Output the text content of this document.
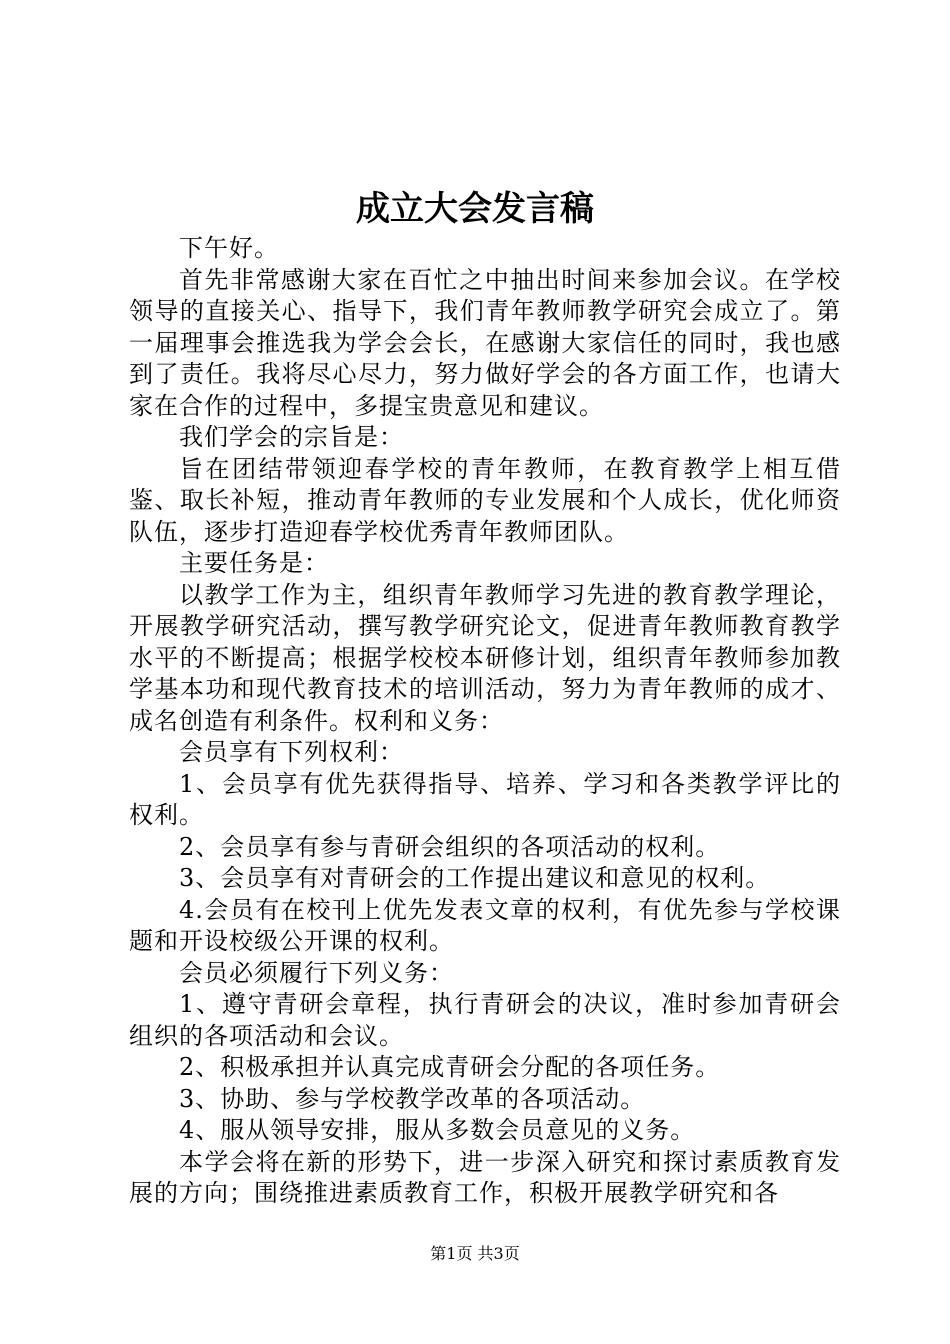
成立大会发言稿

下午好。

首先非常感谢大家在百忙之中抽出时间来参加会议。在学校领导的直接关心、指导下，我们青年教师教学研究会成立了。第一届理事会推选我为学会会长，在感谢大家信任的同时，我也感到了责任。我将尽心尽力，努力做好学会的各方面工作，也请大家在合作的过程中，多提宝贵意见和建议。

我们学会的宗旨是：

旨在团结带领迎春学校的青年教师，在教育教学上相互借鉴、取长补短，推动青年教师的专业发展和个人成长，优化师资队伍，逐步打造迎春学校优秀青年教师团队。

主要任务是：

以教学工作为主，组织青年教师学习先进的教育教学理论，开展教学研究活动，撰写教学研究论文，促进青年教师教育教学水平的不断提高；根据学校校本研修计划，组织青年教师参加教学基本功和现代教育技术的培训活动，努力为青年教师的成才、成名创造有利条件。权利和义务：

会员享有下列权利：

1、会员享有优先获得指导、培养、学习和各类教学评比的权利。

2、会员享有参与青研会组织的各项活动的权利。

3、会员享有对青研会的工作提出建议和意见的权利。

4.会员有在校刊上优先发表文章的权利，有优先参与学校课题和开设校级公开课的权利。

会员必须履行下列义务：

1、遵守青研会章程，执行青研会的决议，准时参加青研会组织的各项活动和会议。

2、积极承担并认真完成青研会分配的各项任务。

3、协助、参与学校教学改革的各项活动。

4、服从领导安排，服从多数会员意见的义务。

本学会将在新的形势下，进一步深入研究和探讨素质教育发展的方向；围绕推进素质教育工作，积极开展教学研究和各

第1页 共3页
